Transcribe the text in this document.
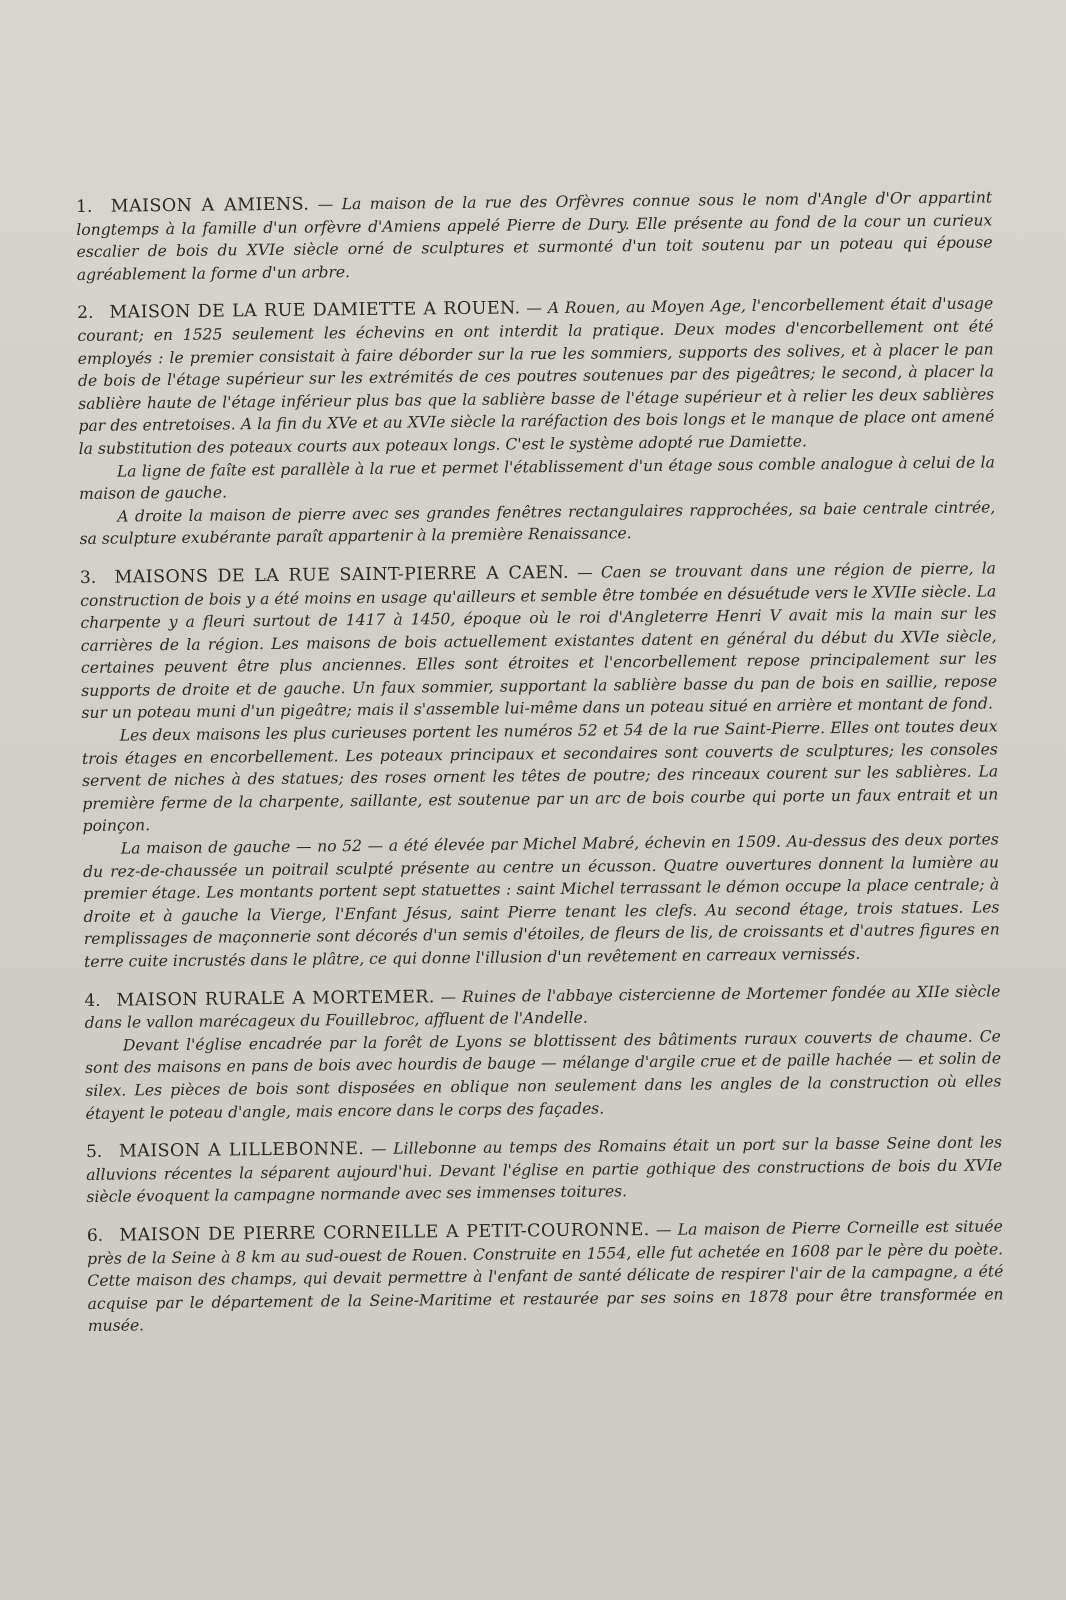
1. MAISON A AMIENS. — La maison de la rue des Orfèvres connue sous le nom d'Angle d'Or appartint longtemps à la famille d'un orfèvre d'Amiens appelé Pierre de Dury. Elle présente au fond de la cour un curieux escalier de bois du XVIe siècle orné de sculptures et surmonté d'un toit soutenu par un poteau qui épouse agréablement la forme d'un arbre.

2. MAISON DE LA RUE DAMIETTE A ROUEN. — A Rouen, au Moyen Age, l'encorbellement était d'usage courant; en 1525 seulement les échevins en ont interdit la pratique. Deux modes d'encorbellement ont été employés : le premier consistait à faire déborder sur la rue les sommiers, supports des solives, et à placer le pan de bois de l'étage supérieur sur les extrémités de ces poutres soutenues par des pigeâtres; le second, à placer la sablière haute de l'étage inférieur plus bas que la sablière basse de l'étage supérieur et à relier les deux sablières par des entretoises. A la fin du XVe et au XVIe siècle la raréfaction des bois longs et le manque de place ont amené la substitution des poteaux courts aux poteaux longs. C'est le système adopté rue Damiette.

La ligne de faîte est parallèle à la rue et permet l'établissement d'un étage sous comble analogue à celui de la maison de gauche.

A droite la maison de pierre avec ses grandes fenêtres rectangulaires rapprochées, sa baie centrale cintrée, sa sculpture exubérante paraît appartenir à la première Renaissance.

3. MAISONS DE LA RUE SAINT-PIERRE A CAEN. — Caen se trouvant dans une région de pierre, la construction de bois y a été moins en usage qu'ailleurs et semble être tombée en désuétude vers le XVIIe siècle. La charpente y a fleuri surtout de 1417 à 1450, époque où le roi d'Angleterre Henri V avait mis la main sur les carrières de la région. Les maisons de bois actuellement existantes datent en général du début du XVIe siècle, certaines peuvent être plus anciennes. Elles sont étroites et l'encorbellement repose principalement sur les supports de droite et de gauche. Un faux sommier, supportant la sablière basse du pan de bois en saillie, repose sur un poteau muni d'un pigeâtre; mais il s'assemble lui-même dans un poteau situé en arrière et montant de fond.

Les deux maisons les plus curieuses portent les numéros 52 et 54 de la rue Saint-Pierre. Elles ont toutes deux trois étages en encorbellement. Les poteaux principaux et secondaires sont couverts de sculptures; les consoles servent de niches à des statues; des roses ornent les têtes de poutre; des rinceaux courent sur les sablières. La première ferme de la charpente, saillante, est soutenue par un arc de bois courbe qui porte un faux entrait et un poinçon.

La maison de gauche — no 52 — a été élevée par Michel Mabré, échevin en 1509. Au-dessus des deux portes du rez-de-chaussée un poitrail sculpté présente au centre un écusson. Quatre ouvertures donnent la lumière au premier étage. Les montants portent sept statuettes : saint Michel terrassant le démon occupe la place centrale; à droite et à gauche la Vierge, l'Enfant Jésus, saint Pierre tenant les clefs. Au second étage, trois statues. Les remplissages de maçonnerie sont décorés d'un semis d'étoiles, de fleurs de lis, de croissants et d'autres figures en terre cuite incrustés dans le plâtre, ce qui donne l'illusion d'un revêtement en carreaux vernissés.

4. MAISON RURALE A MORTEMER. — Ruines de l'abbaye cistercienne de Mortemer fondée au XIIe siècle dans le vallon marécageux du Fouillebroc, affluent de l'Andelle.

Devant l'église encadrée par la forêt de Lyons se blottissent des bâtiments ruraux couverts de chaume. Ce sont des maisons en pans de bois avec hourdis de bauge — mélange d'argile crue et de paille hachée — et solin de silex. Les pièces de bois sont disposées en oblique non seulement dans les angles de la construction où elles étayent le poteau d'angle, mais encore dans le corps des façades.

5. MAISON A LILLEBONNE. — Lillebonne au temps des Romains était un port sur la basse Seine dont les alluvions récentes la séparent aujourd'hui. Devant l'église en partie gothique des constructions de bois du XVIe siècle évoquent la campagne normande avec ses immenses toitures.

6. MAISON DE PIERRE CORNEILLE A PETIT-COURONNE. — La maison de Pierre Corneille est située près de la Seine à 8 km au sud-ouest de Rouen. Construite en 1554, elle fut achetée en 1608 par le père du poète. Cette maison des champs, qui devait permettre à l'enfant de santé délicate de respirer l'air de la campagne, a été acquise par le département de la Seine-Maritime et restaurée par ses soins en 1878 pour être transformée en musée.
